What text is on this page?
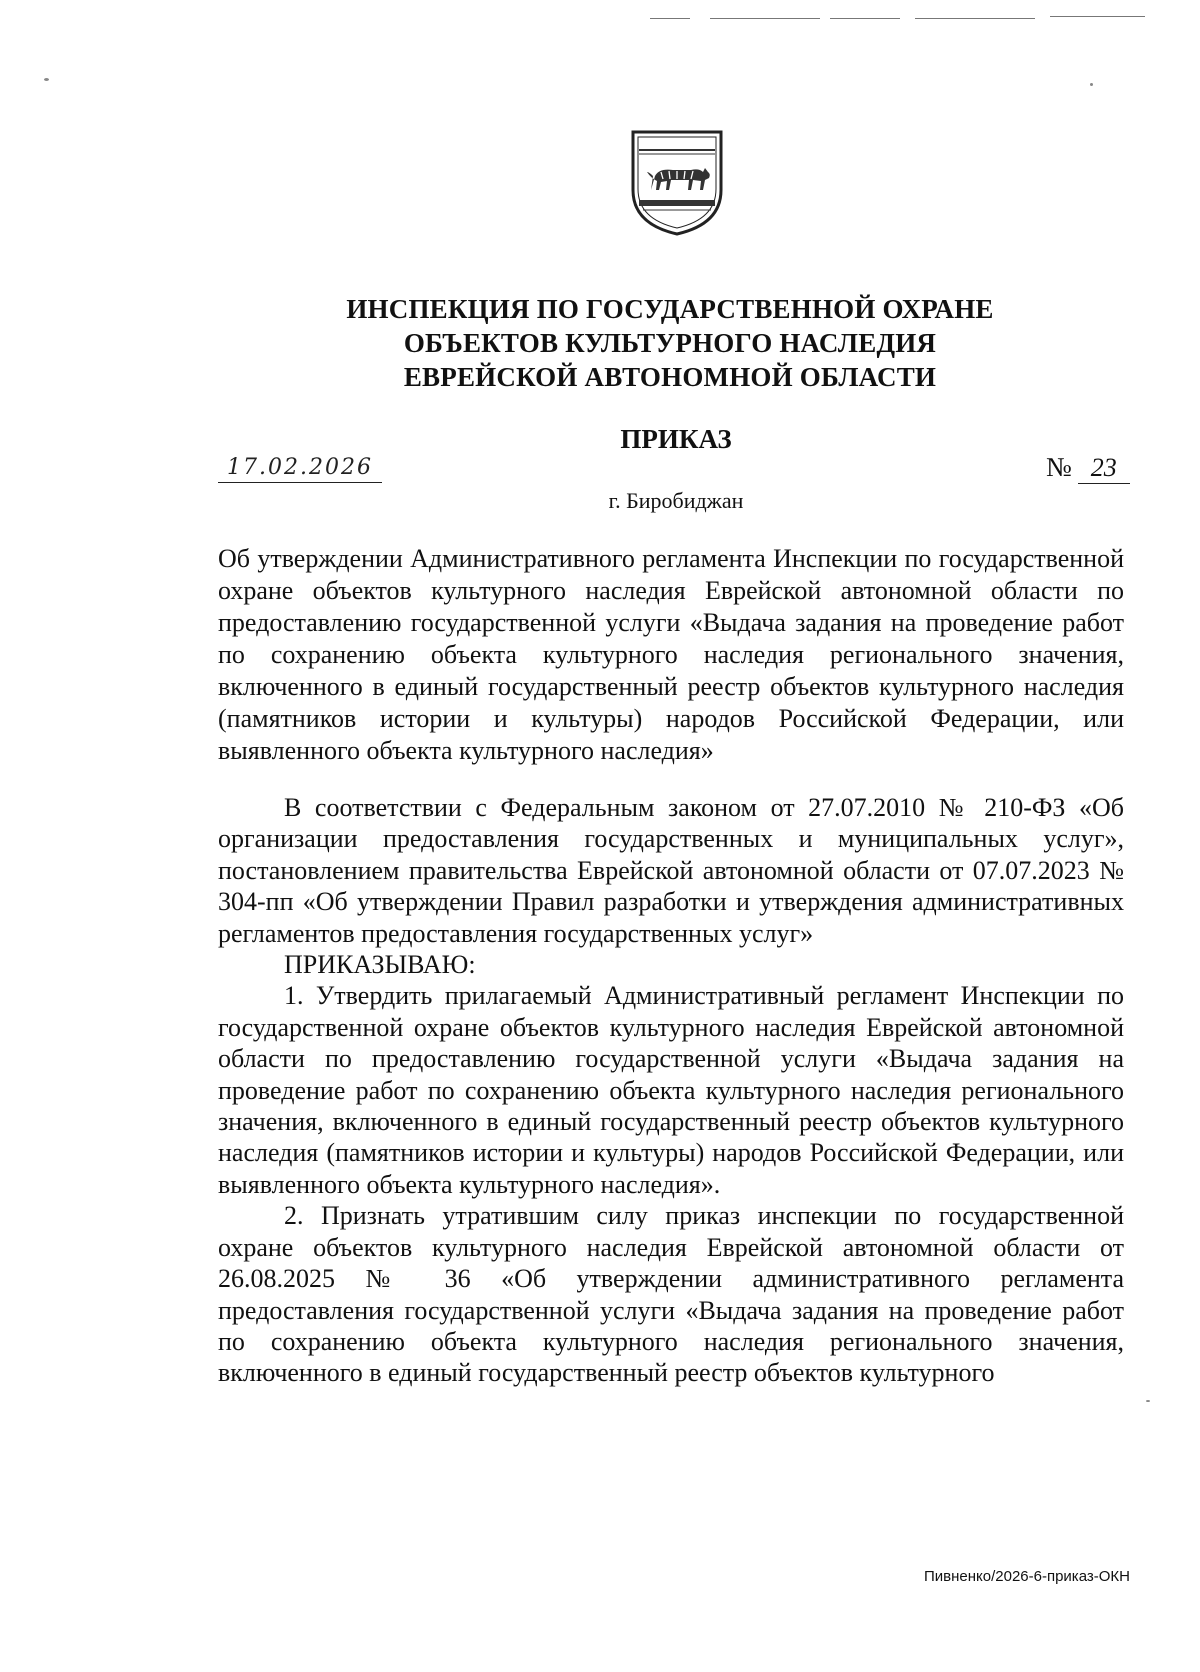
ИНСПЕКЦИЯ ПО ГОСУДАРСТВЕННОЙ ОХРАНЕ
ОБЪЕКТОВ КУЛЬТУРНОГО НАСЛЕДИЯ
ЕВРЕЙСКОЙ АВТОНОМНОЙ ОБЛАСТИ
ПРИКАЗ
17.02.2026	№ 23
г. Биробиджан
Об утверждении Административного регламента Инспекции по государственной охране объектов культурного наследия Еврейской автономной области по предоставлению государственной услуги «Выдача задания на проведение работ по сохранению объекта культурного наследия регионального значения, включенного в единый государственный реестр объектов культурного наследия (памятников истории и культуры) народов Российской Федерации, или выявленного объекта культурного наследия»

В соответствии с Федеральным законом от 27.07.2010 № 210-ФЗ «Об организации предоставления государственных и муниципальных услуг», постановлением правительства Еврейской автономной области от 07.07.2023 № 304-пп «Об утверждении Правил разработки и утверждения административных регламентов предоставления государственных услуг»

ПРИКАЗЫВАЮ:

1. Утвердить прилагаемый Административный регламент Инспекции по государственной охране объектов культурного наследия Еврейской автономной области по предоставлению государственной услуги «Выдача задания на проведение работ по сохранению объекта культурного наследия регионального значения, включенного в единый государственный реестр объектов культурного наследия (памятников истории и культуры) народов Российской Федерации, или выявленного объекта культурного наследия».

2. Признать утратившим силу приказ инспекции по государственной охране объектов культурного наследия Еврейской автономной области от 26.08.2025 № 36 «Об утверждении административного регламента предоставления государственной услуги «Выдача задания на проведение работ по сохранению объекта культурного наследия регионального значения, включенного в единый государственный реестр объектов культурного

Пивненко/2026-6-приказ-ОКН
